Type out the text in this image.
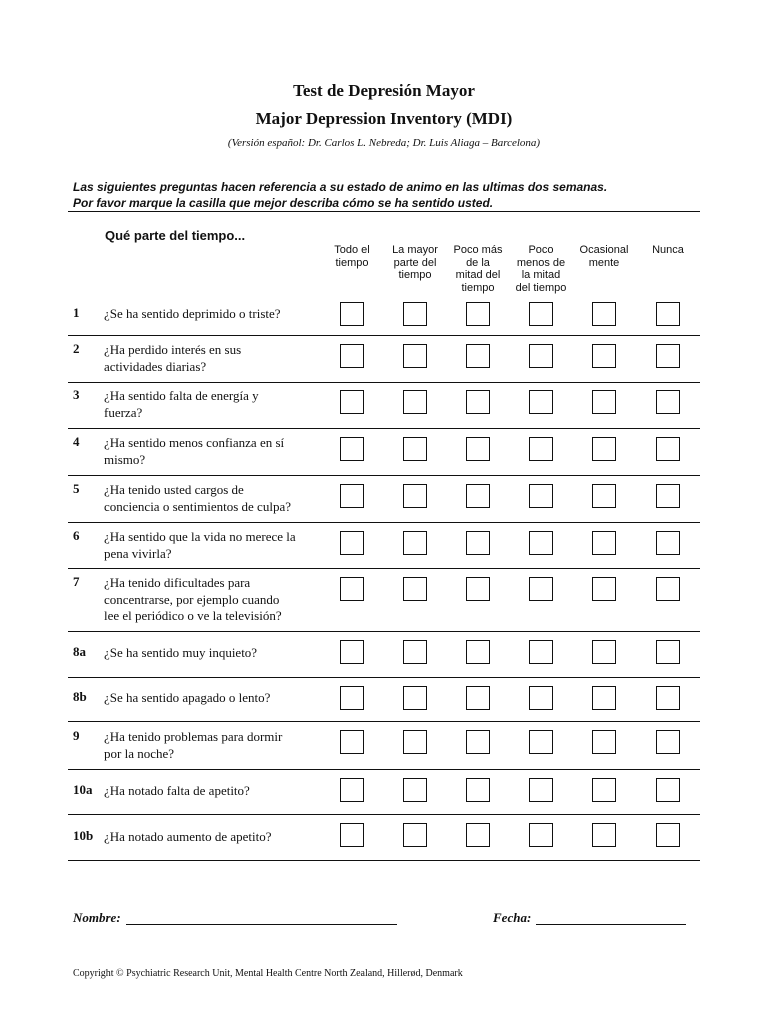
Test de Depresión Mayor
Major Depression Inventory (MDI)
(Versión español: Dr. Carlos L. Nebreda; Dr. Luis Aliaga – Barcelona)
Las siguientes preguntas hacen referencia a su estado de animo en las ultimas dos semanas.
Por favor marque la casilla que mejor describa cómo se ha sentido usted.
Qué parte del tiempo...
Todo el
tiempo
La mayor
parte del
tiempo
Poco más
de la
mitad del
tiempo
Poco
menos de
la mitad
del tiempo
Ocasional
mente
Nunca
1 ¿Se ha sentido deprimido o triste?
2 ¿Ha perdido interés en sus
actividades diarias?
3 ¿Ha sentido falta de energía y
fuerza?
4 ¿Ha sentido menos confianza en sí
mismo?
5 ¿Ha tenido usted cargos de
conciencia o sentimientos de culpa?
6 ¿Ha sentido que la vida no merece la
pena vivirla?
7 ¿Ha tenido dificultades para
concentrarse, por ejemplo cuando
lee el periódico o ve la televisión?
8a ¿Se ha sentido muy inquieto?
8b ¿Se ha sentido apagado o lento?
9 ¿Ha tenido problemas para dormir
por la noche?
10a ¿Ha notado falta de apetito?
10b ¿Ha notado aumento de apetito?
Nombre:	Fecha:
Copyright © Psychiatric Research Unit, Mental Health Centre North Zealand, Hillerød, Denmark
